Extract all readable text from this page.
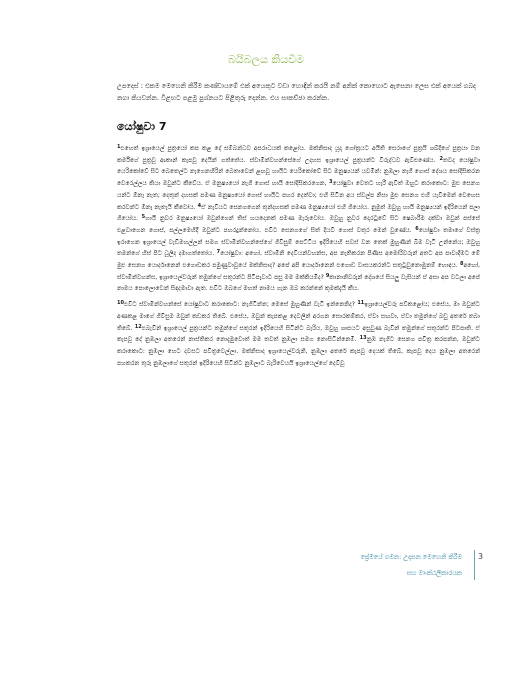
බයිබලය කියවීම
උපදෙස් : එකම මෙහෙනි කිරීම කණ්ඩායමේ එක් අයෙකුට වඩා හොඳින් කරයි නම් අනික් කොහොට ඇසෙනා ලෙස එක් අයෙක් ගබද නගා කියවන්න. විළභට පළමු පුශ්නයට පිළිතුරු දෙන්න. එය සාකච්ඡා කරන්න.
යෝෂුවා 7

$^1$එහෙත් ඉශ්‍රායෙල් පුත්‍රයෝ කප කළ දේ සම්බන්ධව අපරාධයක් කළෝය. මක්නිසාද යූදා ගෝත්‍රයට අයිති සෙරාගේ පුත්‍රයි ශබ්දීගේ පුත්‍රයා වන කර්මීගේ පුත්‍රවූ ආකාන් කැපවූ දෙයින් ගත්තේය. ස්වාමීන්වහන්සේගේ උදහස ඉශ්‍රායෙල් පුත්‍රයන්ට විරුද්ධව ඇවිළුණේය. $^2$තවද යෝෂුවා යෙරිකෝවේ සිට බෙතෙල්ට නැගෙනහිරින් බෙතාවෙන් ළඟවූ හායිට යෙරිකෝවේ සිට මනුෂ්‍යයන් යවමින්: නුඹලා නැගී ගොස් දේශය සෝදිසිකරන වෙරෙල්ලය කියා ඔවුන්ට කීවේය. ඒ මනුෂ්‍යයෝ නැගී ගොස් හායි සෝදිසිකරගෙන, $^3$යෝෂුවා වෙතට හැරී ඇවිත් ඔහුට කරාකොට: මුළු සෙනග යන්ට ඕනෑ නැත; දෙතුන් දහසක් පමණ මනුෂ්‍යයෝ ගොස් හායිට පහර දෙත්වා; එහි සිටින අය ස්වල්ප නිසා මුළු සෙනග එහි යැවීමෙන් වෙහෙස කරවන්ට ඕනෑ නැතැයි කීවෝය. $^4$ඒ නැවියට සෙනගගෙන් තුන්දහසක් පමණ මනුෂ්‍යයෝ එහි ගියෝය. නුමුත් ඔවුහු හායි මනුෂ්‍යයන් ඉදිරියෙන් පලා ගියෝය. $^5$හායි නුවර මනුෂ්‍යයෝ ඔවුන්ගෙන් තිස් හයදෙනක් පමණ මැරුවෝය. ඔවුහු නුවර දොරටුවේ සිට ෂෙබාරීම දක්වා ඔවුන් පස්සේ එළවාගෙන ගොස්, පල්ලමෙහිදී ඔවුන්ට පහරදුන්නෝය. එවිට සෙනගගේ සිත් දියවී ගොස් වතුර මෙන් වුණේය. $^6$යෝෂුවා තමාගේ වස්ත්‍ර ඉරාගෙන ඉශ්‍රායෙල් වැඩිමහල්ලන් සමග ස්වාමීන්වහන්සේගේ ගිවිසුම් පෙට්ටිය ඉදිරියෙහි සවස් වන තෙක් මුහුණින් බිම වැටී උන්නේය; ඔවුහු තමන්ගේ හිස් පිට ධූලිද දමාගත්තෝය. $^7$යෝෂුවා: අහෝ, ස්වාමීනි දෙවියන්වහන්ස, අප නැතිකරන පිණිස අමෝරිවරුන් අතට අප පාවාදීමට මේ මුළු සෙනග යොර්දානෙන් එගොඩකර පමුණුවාවූයේ මක්නිසාද? අපේ අපි යොර්දානෙන් එගොඩ වාසයකරන්ට සතුටුවුනොමුනම් හොඳය. $^8$අහෝ, ස්වාමීන්වහන්ස, ඉශ්‍රායෙල්වරුන් තමුන්ගේ සතුරන්ට පිටිපෑවාට පසු මම මක්කියමිද? $^9$කානානිවරුන් දේශයේ සියලු වැසියන් ඒ අසා අප වටලා අපේ නාමය පොලොවෙන් සිඳදමාවා ඇත. එවිට ඔබගේ මහත් නාමය ගැන ඔබ කරන්නේ කුමක්දැයි කීය.

$^{10}$එවිට ස්වාමීන්වහන්සේ යෝෂුවාට කරාකොට: නැගිටින්න; මෙසේ මුහුණින් වැටී ඉන්නෙනිද? $^{11}$ඉශ්‍රායෙල්වරු පව්කළෝය; එසේය, මා ඔවුන්ට අණකළ මාගේ ගිවිසුම ඔවුන් කඩකර තිබේ. එසේය, ඔවුන් කැපකළ දෙවලින් අරගන සොරකම්කර, ඒවා සඟවා, ඒවා තමුන්ගේ බඩු අතරේ තබා තිබේ. $^{12}$එබැවින් ඉශ්‍රායෙල් පුත්‍රයන්ට තමුන්ගේ සතුරන් ඉදිරියෙහි සිටින්ට බැරිය, ඔවුහු ශාපයට අසුවුණ බැවින් තමුන්ගේ සතුරන්ට පිටපාති. ඒ කැපවූ දේ නුඹලා අතරෙන් නාස්තිකර නොදැමුවොත් මම තවත් නුඹලා සමග නොසිටින්නෙමි. $^{13}$නුඹ නැගිට සෙනග පවිත්‍ර කරපන්න, ඔවුන්ට කරාකොට: නුඹලා හෙට දවසට පවිත්‍රවෙල්ලා. මක්නිසාද ඉශ්‍රායෙල්වරුනි, නුඹලා අතරේ කැපවූ දෙයක් තිබේ, කැපවූ දෙය නුඹලා අතරෙන් පහකරන තුරු නුඹලාගේ සතුරන් ඉදිරියෙහි සිටින්ට නුඹලාට බැරිවෙයයි ඉශ්‍රායෙල්ගේ දෙවිවූ

ප්‍රේමයේ ගමන: උදාසන මෙහෙනි කිරීම
සහ මාංක්ඨලිකාරයක
3
